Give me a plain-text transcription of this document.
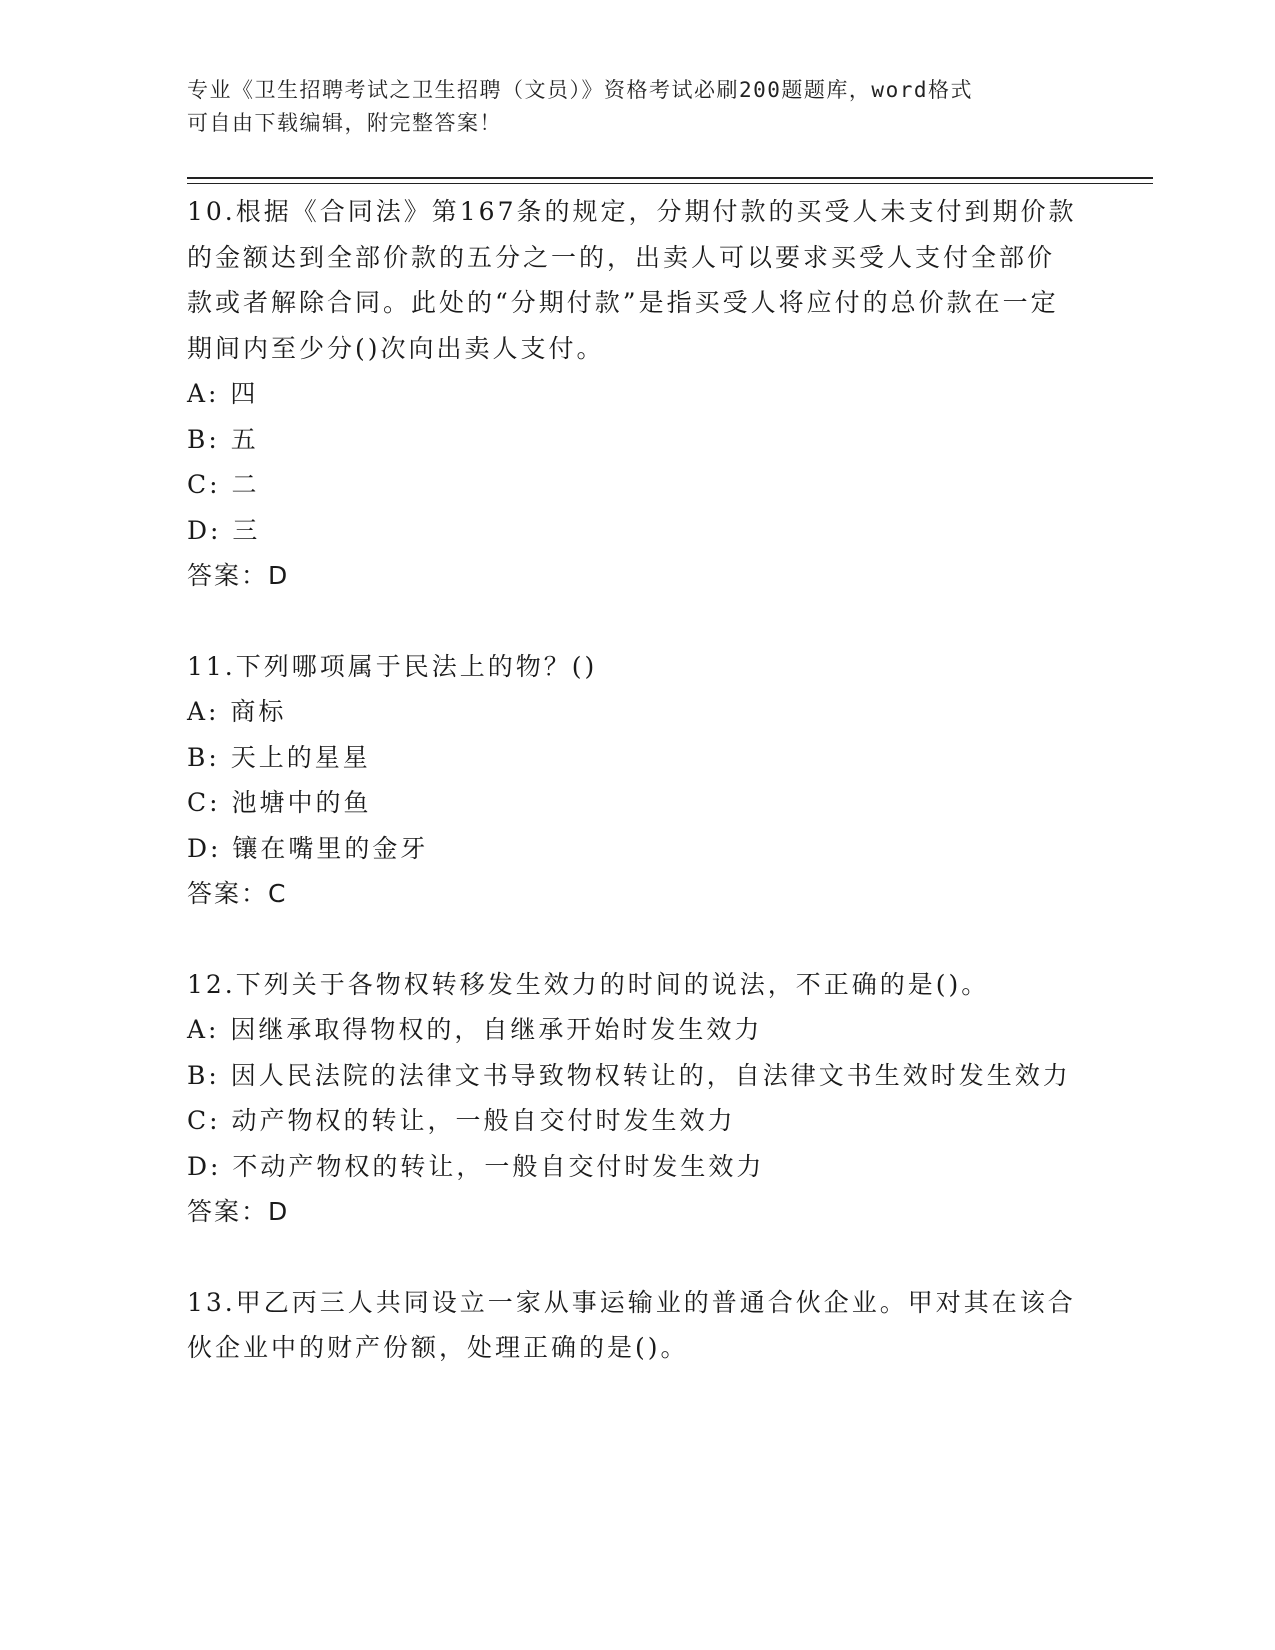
专业《卫生招聘考试之卫生招聘（文员）》资格考试必刷200题题库，word格式
可自由下载编辑，附完整答案！
10.根据《合同法》第167条的规定，分期付款的买受人未支付到期价款的金额达到全部价款的五分之一的，出卖人可以要求买受人支付全部价款或者解除合同。此处的“分期付款”是指买受人将应付的总价款在一定期间内至少分()次向出卖人支付。
A: 四
B: 五
C: 二
D: 三
答案：D
11.下列哪项属于民法上的物？()
A: 商标
B: 天上的星星
C: 池塘中的鱼
D: 镶在嘴里的金牙
答案：C
12.下列关于各物权转移发生效力的时间的说法，不正确的是()。
A: 因继承取得物权的，自继承开始时发生效力
B: 因人民法院的法律文书导致物权转让的，自法律文书生效时发生效力
C: 动产物权的转让，一般自交付时发生效力
D: 不动产物权的转让，一般自交付时发生效力
答案：D
13.甲乙丙三人共同设立一家从事运输业的普通合伙企业。甲对其在该合伙企业中的财产份额，处理正确的是()。
